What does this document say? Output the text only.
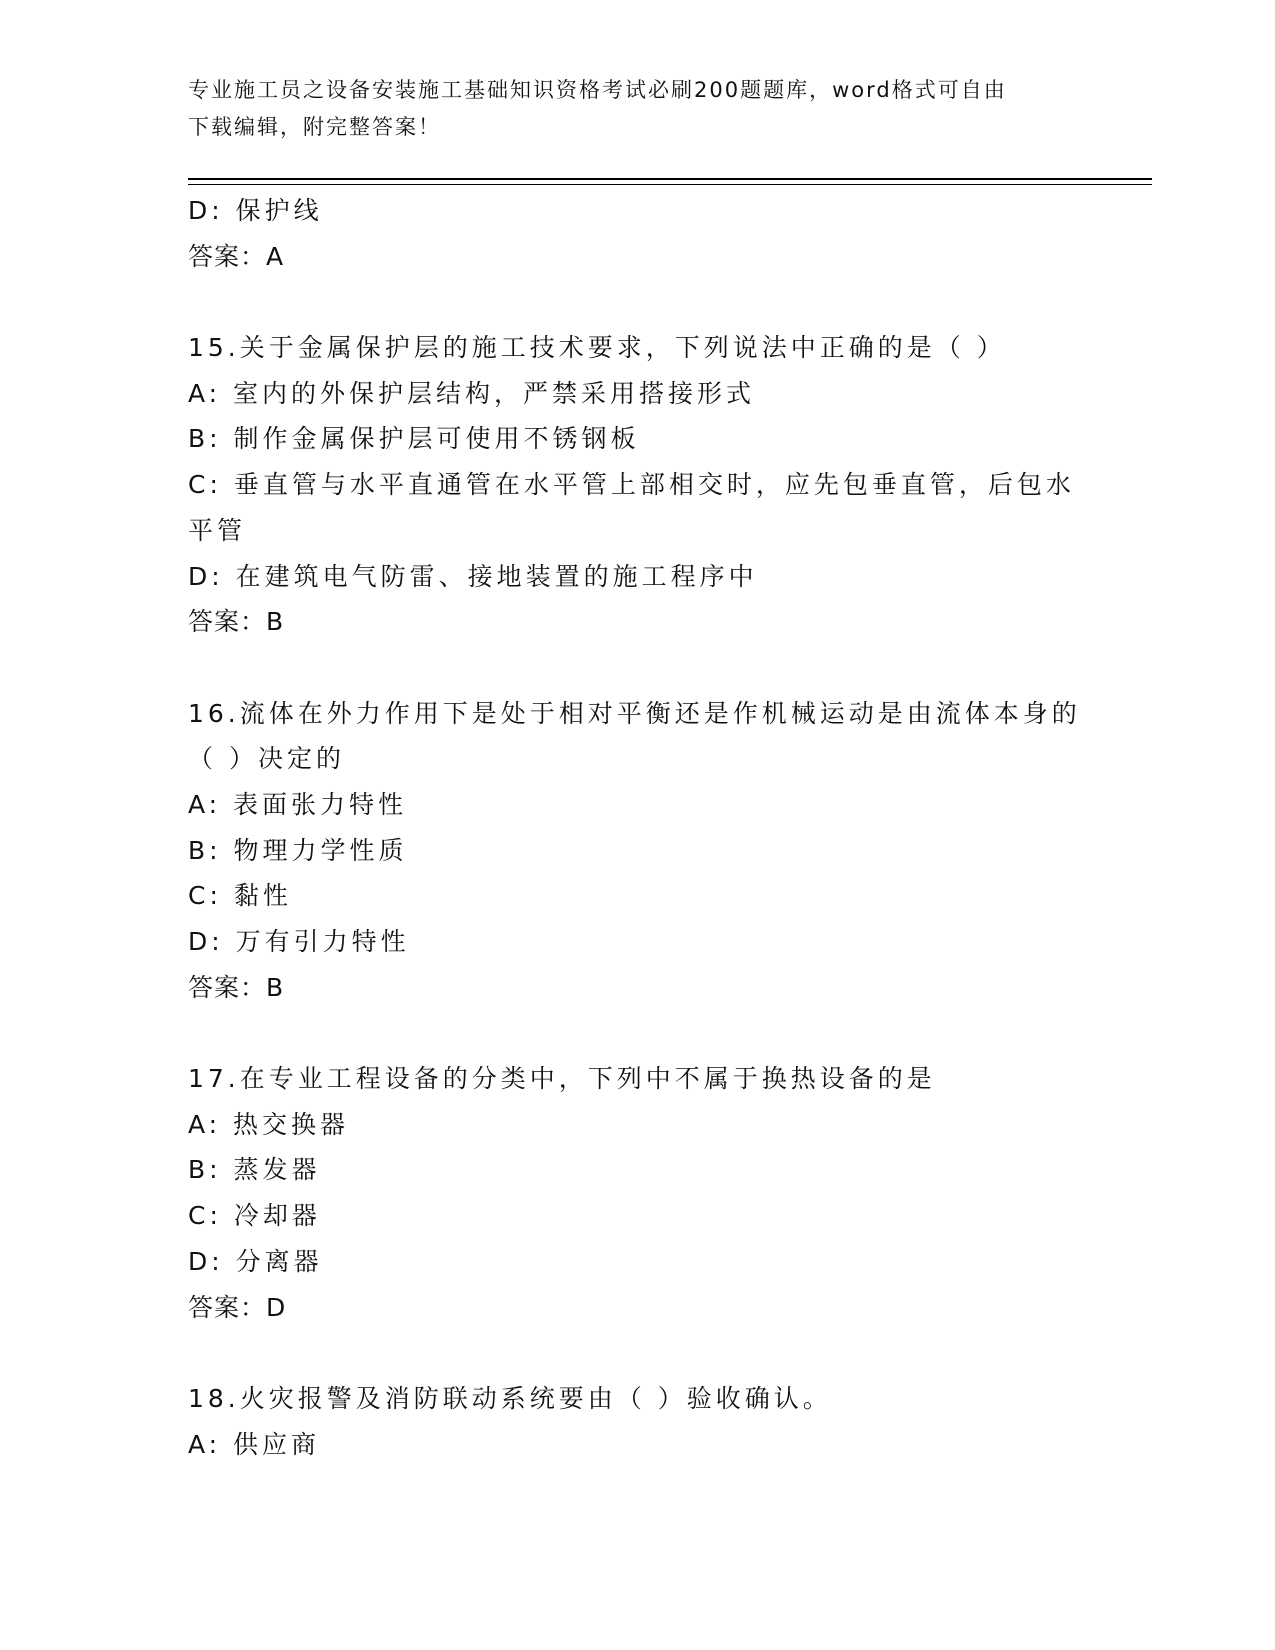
专业施工员之设备安装施工基础知识资格考试必刷200题题库，word格式可自由
下载编辑，附完整答案！
D: 保护线
答案：A
15.关于金属保护层的施工技术要求，下列说法中正确的是（ ）
A: 室内的外保护层结构，严禁采用搭接形式
B: 制作金属保护层可使用不锈钢板
C: 垂直管与水平直通管在水平管上部相交时，应先包垂直管，后包水
平管
D: 在建筑电气防雷、接地装置的施工程序中
答案：B
16.流体在外力作用下是处于相对平衡还是作机械运动是由流体本身的
（ ）决定的
A: 表面张力特性
B: 物理力学性质
C: 黏性
D: 万有引力特性
答案：B
17.在专业工程设备的分类中，下列中不属于换热设备的是
A: 热交换器
B: 蒸发器
C: 冷却器
D: 分离器
答案：D
18.火灾报警及消防联动系统要由（ ）验收确认。
A: 供应商
